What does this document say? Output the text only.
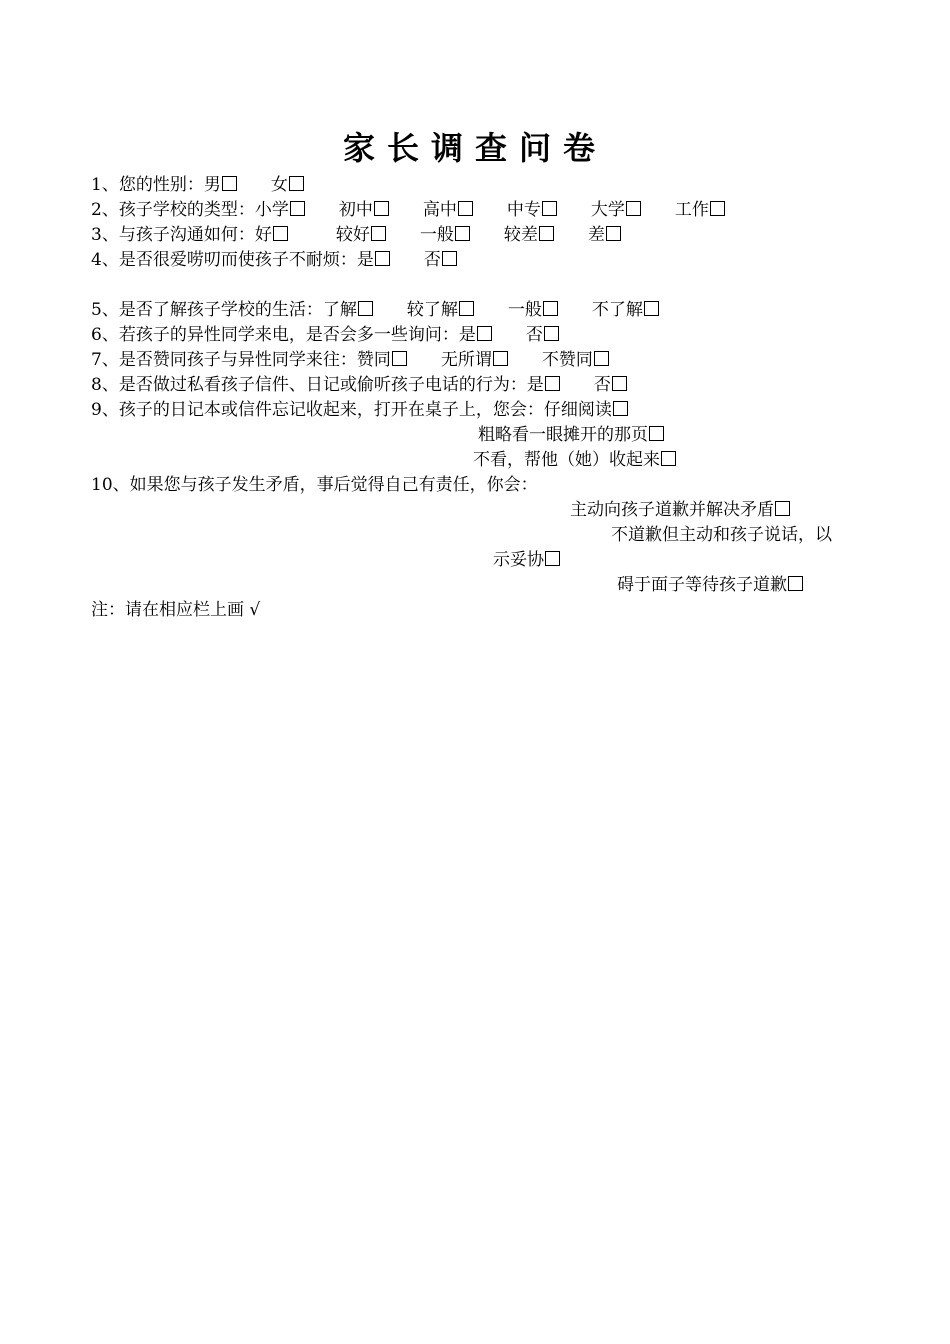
家长调查问卷
1、您的性别：男	女
2、孩子学校的类型：小学	初中	高中	中专	大学	工作
3、与孩子沟通如何：好	较好	一般	较差	差
4、是否很爱唠叨而使孩子不耐烦：是	否
5、是否了解孩子学校的生活：了解	较了解	一般	不了解
6、若孩子的异性同学来电，是否会多一些询问：是	否
7、是否赞同孩子与异性同学来往：赞同	无所谓	不赞同
8、是否做过私看孩子信件、日记或偷听孩子电话的行为：是	否
9、孩子的日记本或信件忘记收起来，打开在桌子上，您会：仔细阅读
粗略看一眼摊开的那页
不看，帮他（她）收起来
10、如果您与孩子发生矛盾，事后觉得自己有责任，你会：
主动向孩子道歉并解决矛盾
不道歉但主动和孩子说话，以
示妥协
碍于面子等待孩子道歉
注：请在相应栏上画 √
